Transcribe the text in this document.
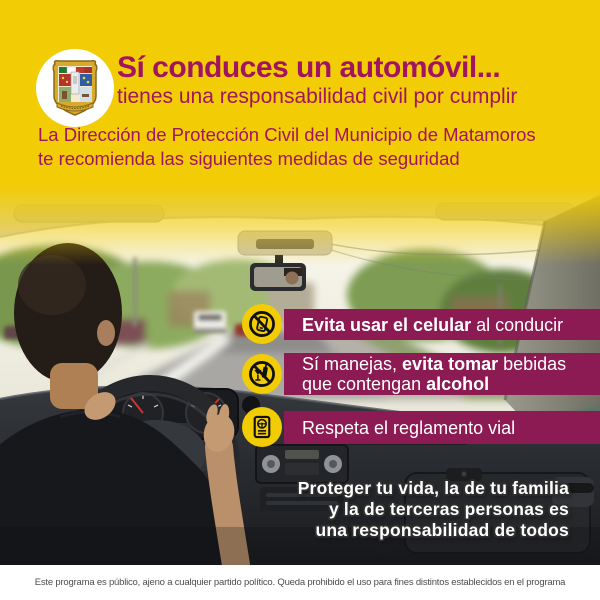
Sí conduces un automóvil...
tienes una responsabilidad civil por cumplir
La Dirección de Protección Civil del Municipio de Matamoros
te recomienda las siguientes medidas de seguridad
Evita usar el celular al conducir
Sí manejas, evita tomar bebidas
que contengan alcohol
Respeta el reglamento vial
Proteger tu vida, la de tu familia
y la de terceras personas es
una responsabilidad de todos
Este programa es público, ajeno a cualquier partido político. Queda prohibido el uso para fines distintos establecidos en el programa
